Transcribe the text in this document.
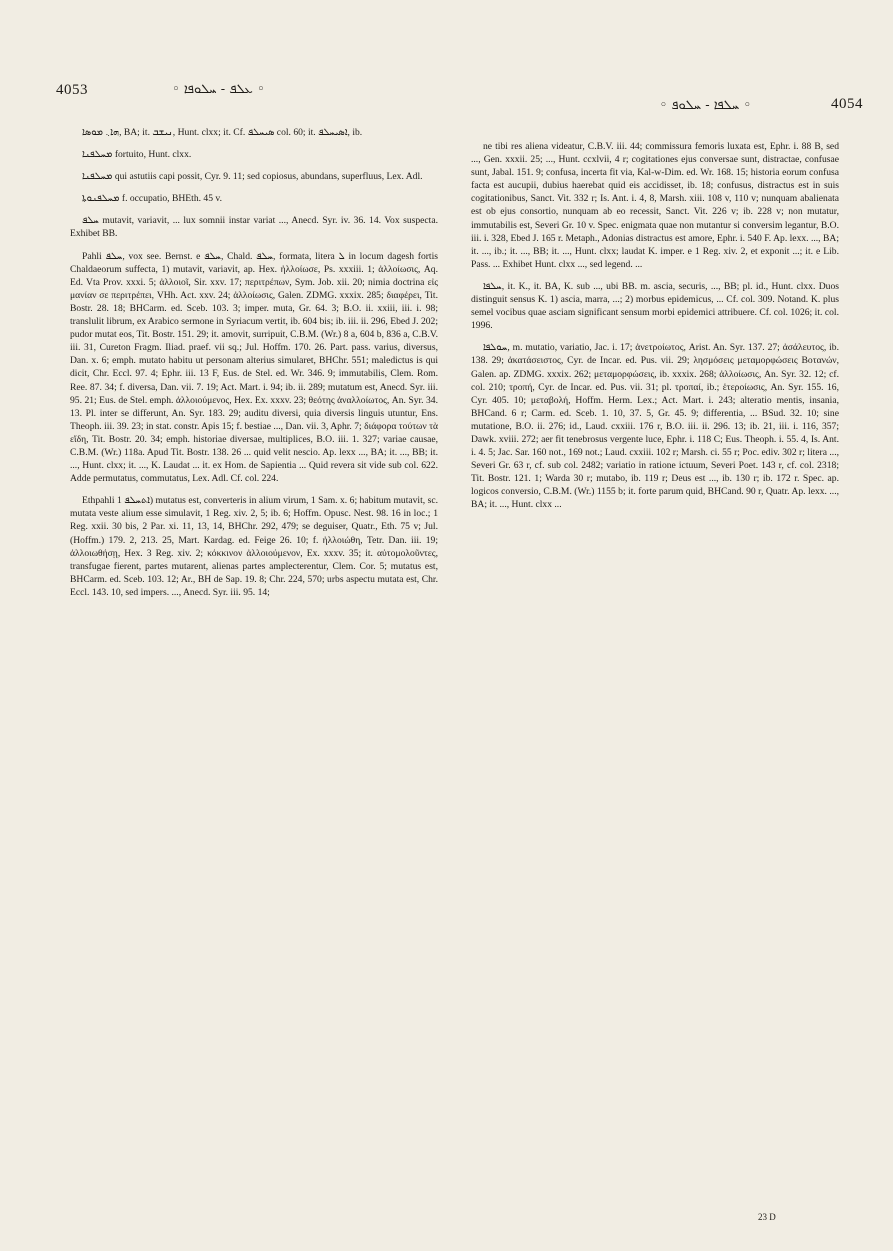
4053	◦ ܥܠܦ - ܚܠܘܦܐ ◦
◦ ܚܠܦܐ - ܚܠܘܦ ◦	4054

ܗܐ܆ ܡܘܣܐ, BA; it. ܢܝܫܒ, Hunt. clxx; it. Cf. ܣܝܚܠܦ col. 60; it. ܐܣܝܚܠܦ, ib.

ܡܚܠܦܢܐ fortuito, Hunt. clxx.

ܡܚܠܦܢܐ qui astutiis capi possit, Cyr. 9. 11; sed copiosus, abundans, superfluus, Lex. Adl.

ܡܚܠܦܢܘܬܐ f. occupatio, BHEth. 45 v.

ܚܠܦ mutavit, variavit, ... lux somnii instar variat ..., Anecd. Syr. iv. 36. 14. Vox suspecta. Exhibet BB.

Pahli ܚܠܦ, vox see. Bernst. e ܚܠܦ, Chald. ܚܠܦ, formata, litera ܠ in locum dagesh fortis Chaldaeorum suffecta, 1) mutavit, variavit, ap. Hex. ἠλλοίωσε, Ps. xxxiii. 1; ἀλλοίωσις, Aq. Ed. Vta Prov. xxxi. 5; ἀλλοιοῖ, Sir. xxv. 17; περιτρέπων, Sym. Job. xii. 20; nimia doctrina εἰς μανίαν σε περιτρέπει, VHh. Act. xxv. 24; ἀλλοίωσις, Galen. ZDMG. xxxix. 285; διαφέρει, Tit. Bostr. 28. 18; BHCarm. ed. Sceb. 103. 3; imper. muta, Gr. 64. 3; B.O. ii. xxiii, iii. i. 98; translulit librum, ex Arabico sermone in Syriacum vertit, ib. 604 bis; ib. iii. ii. 296, Ebed J. 202; pudor mutat eos, Tit. Bostr. 151. 29; it. amovit, surripuit, C.B.M. (Wr.) 8 a, 604 b, 836 a, C.B.V. iii. 31, Cureton Fragm. Iliad. praef. vii sq.; Jul. Hoffm. 170. 26. Part. pass. varius, diversus, Dan. x. 6; emph. mutato habitu ut personam alterius simularet, BHChr. 551; maledictus is qui dicit, Chr. Eccl. 97. 4; Ephr. iii. 13 F, Eus. de Stel. ed. Wr. 346. 9; immutabilis, Clem. Rom. Ree. 87. 34; f. diversa, Dan. vii. 7. 19; Act. Mart. i. 94; ib. ii. 289; mutatum est, Anecd. Syr. iii. 95. 21; Eus. de Stel. emph. ἀλλοιούμενος, Hex. Ex. xxxv. 23; θεότης ἀναλλοίωτος, An. Syr. 34. 13. Pl. inter se differunt, An. Syr. 183. 29; auditu diversi, quia diversis linguis utuntur, Ens. Theoph. iii. 39. 23; in stat. constr. Apis 15; f. bestiae ..., Dan. vii. 3, Aphr. 7; διάφορα τούτων τὰ εἴδη, Tit. Bostr. 20. 34; emph. historiae diversae, multiplices, B.O. iii. 1. 327; variae causae, C.B.M. (Wr.) 118a. Apud Tit. Bostr. 138. 26 ... quid velit nescio. Ap. lexx ..., BA; it. ..., BB; it. ..., Hunt. clxx; it. ..., K. Laudat ... it. ex Hom. de Sapientia ... Quid revera sit vide sub col. 622. Adde permutatus, commutatus, Lex. Adl. Cf. col. 224.

Ethpahli ܐܬܚܠܦ 1) mutatus est, converteris in alium virum, 1 Sam. x. 6; habitum mutavit, sc. mutata veste alium esse simulavit, 1 Reg. xiv. 2, 5; ib. 6; Hoffm. Opusc. Nest. 98. 16 in loc.; 1 Reg. xxii. 30 bis, 2 Par. xi. 11, 13, 14, BHChr. 292, 479; se deguiser, Quatr., Eth. 75 v; Jul. (Hoffm.) 179. 2, 213. 25, Mart. Kardag. ed. Feige 26. 10; f. ἠλλοιώθη, Tetr. Dan. iii. 19; ἀλλοιωθήσῃ, Hex. 3 Reg. xiv. 2; κόκκινον ἀλλοιούμενον, Ex. xxxv. 35; it. αὐτομολοῦντες, transfugae fierent, partes mutarent, alienas partes amplecterentur, Clem. Cor. 5; mutatus est, BHCarm. ed. Sceb. 103. 12; Ar., BH de Sap. 19. 8; Chr. 224, 570; urbs aspectu mutata est, Chr. Eccl. 143. 10, sed impers. ..., Anecd. Syr. iii. 95. 14;

ne tibi res aliena videatur, C.B.V. iii. 44; commissura femoris luxata est, Ephr. i. 88 B, sed ..., Gen. xxxii. 25; ..., Hunt. ccxlvii, 4 r; cogitationes ejus conversae sunt, distractae, confusae sunt, Jabal. 151. 9; confusa, incerta fit via, Kal-w-Dim. ed. Wr. 168. 15; historia eorum confusa facta est aucupii, dubius haerebat quid eis accidisset, ib. 18; confusus, distractus est in suis cogitationibus, Sanct. Vit. 332 r; Is. Ant. i. 4, 8, Marsh. xiii. 108 v, 110 v; nunquam abalienata est ob ejus consortio, nunquam ab eo recessit, Sanct. Vit. 226 v; ib. 228 v; non mutatur, immutabilis est, Severi Gr. 10 v. Spec. enigmata quae non mutantur si conversim legantur, B.O. iii. i. 328, Ebed J. 165 r. Metaph., Adonias distractus est amore, Ephr. i. 540 F. Ap. lexx. ..., BA; it. ..., ib.; it. ..., BB; it. ..., Hunt. clxx; laudat K. imper. e 1 Reg. xiv. 2, et exponit ...; it. e Lib. Pass. ... Exhibet Hunt. clxx ..., sed legend. ...

ܚܠܦܐ, it. K., it. BA, K. sub ..., ubi BB. m. ascia, securis, ..., BB; pl. id., Hunt. clxx. Duos distinguit sensus K. 1) ascia, marra, ...; 2) morbus epidemicus, ... Cf. col. 309. Notand. K. plus semel vocibus quae asciam significant sensum morbi epidemici attribuere. Cf. col. 1026; it. col. 1996.

ܚܘܠܦܐ, m. mutatio, variatio, Jac. i. 17; ἀνετροίωτος, Arist. An. Syr. 137. 27; ἀσάλευτος, ib. 138. 29; ἀκατάσειστος, Cyr. de Incar. ed. Pus. vii. 29; λησμόσεις μεταμορφώσεις Βοτανών, Galen. ap. ZDMG. xxxix. 262; μεταμορφώσεις, ib. xxxix. 268; ἀλλοίωσις, An. Syr. 32. 12; cf. col. 210; τροπή, Cyr. de Incar. ed. Pus. vii. 31; pl. τροπαί, ib.; ἑτεροίωσις, An. Syr. 155. 16, Cyr. 405. 10; μεταβολή, Hoffm. Herm. Lex.; Act. Mart. i. 243; alteratio mentis, insania, BHCand. 6 r; Carm. ed. Sceb. 1. 10, 37. 5, Gr. 45. 9; differentia, ... BSud. 32. 10; sine mutatione, B.O. ii. 276; id., Laud. cxxiii. 176 r, B.O. iii. ii. 296. 13; ib. 21, iii. i. 116, 357; Dawk. xviii. 272; aer fit tenebrosus vergente luce, Ephr. i. 118 C; Eus. Theoph. i. 55. 4, Is. Ant. i. 4. 5; Jac. Sar. 160 not., 169 not.; Laud. cxxiii. 102 r; Marsh. ci. 55 r; Poc. ediv. 302 r; litera ..., Severi Gr. 63 r, cf. sub col. 2482; variatio in ratione ictuum, Severi Poet. 143 r, cf. col. 2318; Tit. Bostr. 121. 1; Warda 30 r; mutabo, ib. 119 r; Deus est ..., ib. 130 r; ib. 172 r. Spec. ap. logicos conversio, C.B.M. (Wr.) 1155 b; it. forte parum quid, BHCand. 90 r, Quatr. Ap. lexx. ..., BA; it. ..., Hunt. clxx ...

23 D
